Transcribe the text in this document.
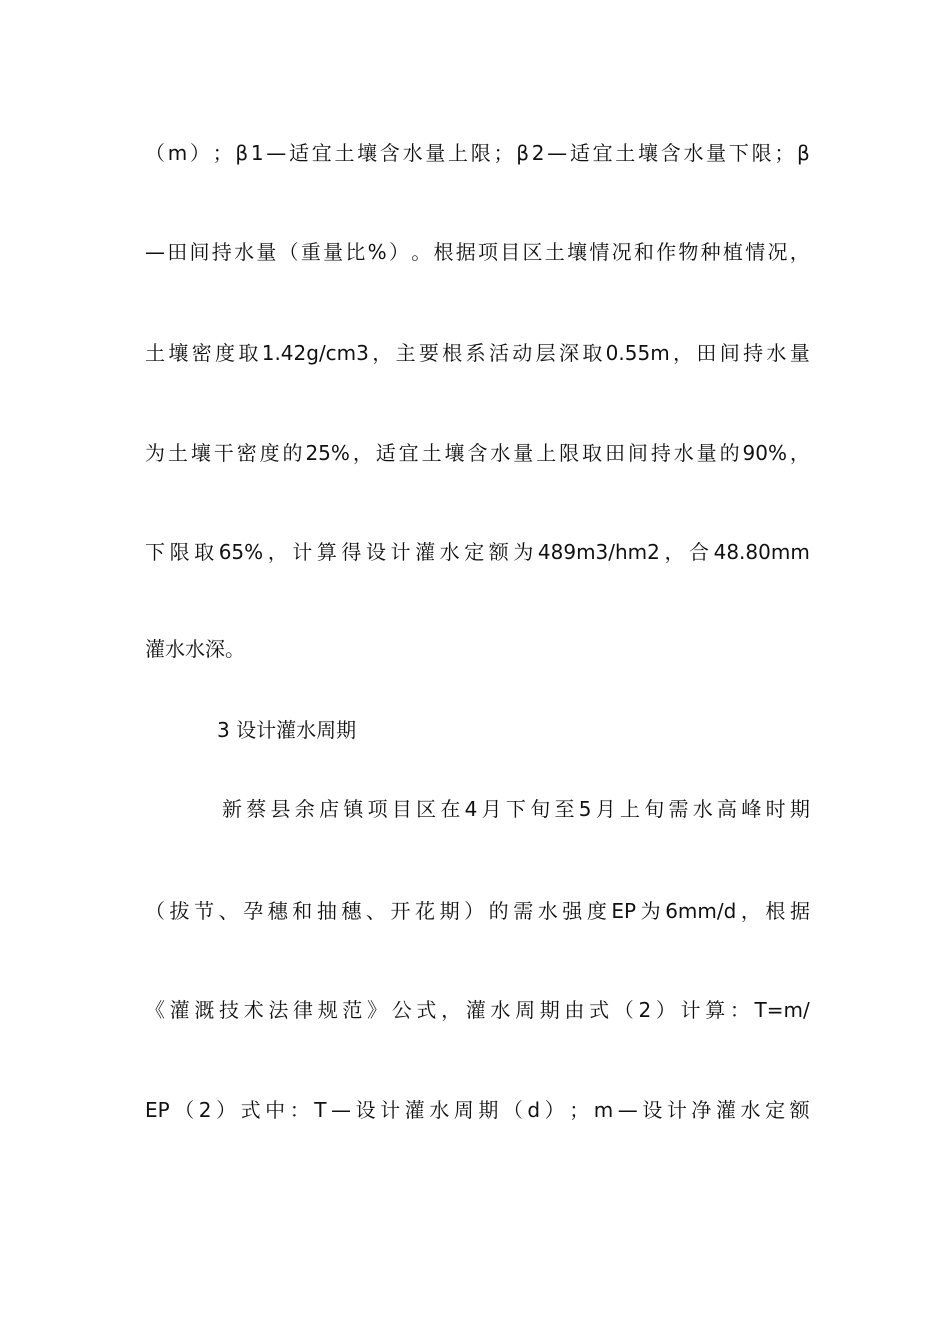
（ m ） ； β 1 — 适 宜 土 壤 含 水 量 上 限 ； β 2 — 适 宜 土 壤 含 水 量 下 限 ； β
— 田 间 持 水 量 （ 重 量 比 % ） 。 根 据 项 目 区 土 壤 情 况 和 作 物 种 植 情 况 ，
土 壤 密 度 取 1.42g/cm3 ， 主 要 根 系 活 动 层 深 取 0.55m ， 田 间 持 水 量
为 土 壤 干 密 度 的 25% ， 适 宜 土 壤 含 水 量 上 限 取 田 间 持 水 量 的 90% ，
下 限 取 65% ， 计 算 得 设 计 灌 水 定 额 为 489m3/hm2 ， 合 48.80mm
灌水水深。
3 设计灌水周期
新 蔡 县 余 店 镇 项 目 区 在 4 月 下 旬 至 5 月 上 旬 需 水 高 峰 时 期
（ 拔 节 、 孕 穗 和 抽 穗 、 开 花 期 ） 的 需 水 强 度 EP 为 6mm/d ， 根 据
《 灌 溉 技 术 法 律 规 范 》 公 式 ， 灌 水 周 期 由 式 （ 2 ） 计 算 ： T=m/
EP （ 2 ） 式 中 ： T — 设 计 灌 水 周 期 （ d ） ； m — 设 计 净 灌 水 定 额
